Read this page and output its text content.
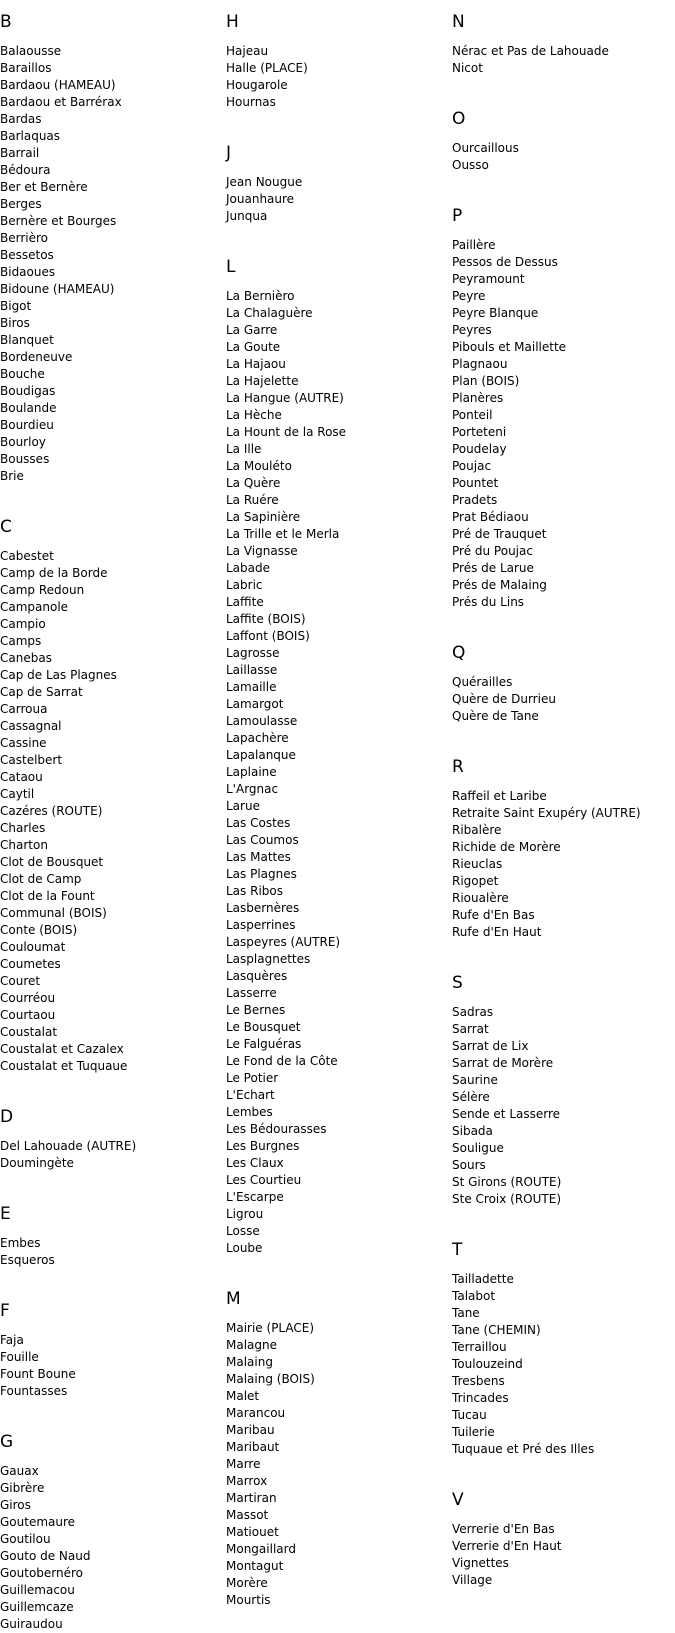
B
Balaousse
Baraillos
Bardaou (HAMEAU)
Bardaou et Barrérax
Bardas
Barlaquas
Barrail
Bédoura
Ber et Bernère
Berges
Bernère et Bourges
Berrièro
Bessetos
Bidaoues
Bidoune (HAMEAU)
Bigot
Biros
Blanquet
Bordeneuve
Bouche
Boudigas
Boulande
Bourdieu
Bourloy
Bousses
Brie
C
Cabestet
Camp de la Borde
Camp Redoun
Campanole
Campio
Camps
Canebas
Cap de Las Plagnes
Cap de Sarrat
Carroua
Cassagnal
Cassine
Castelbert
Cataou
Caytil
Cazéres (ROUTE)
Charles
Charton
Clot de Bousquet
Clot de Camp
Clot de la Fount
Communal (BOIS)
Conte (BOIS)
Couloumat
Coumetes
Couret
Courréou
Courtaou
Coustalat
Coustalat et Cazalex
Coustalat et Tuquaue
D
Del Lahouade (AUTRE)
Doumingète
E
Embes
Esqueros
F
Faja
Fouille
Fount Boune
Fountasses
G
Gauax
Gibrère
Giros
Goutemaure
Goutilou
Gouto de Naud
Goutobernéro
Guillemacou
Guillemcaze
Guiraudou
H
Hajeau
Halle (PLACE)
Hougarole
Hournas
J
Jean Nougue
Jouanhaure
Junqua
L
La Bernièro
La Chalaguère
La Garre
La Goute
La Hajaou
La Hajelette
La Hangue (AUTRE)
La Hèche
La Hount de la Rose
La Ille
La Mouléto
La Quère
La Ruére
La Sapinière
La Trille et le Merla
La Vignasse
Labade
Labric
Laffite
Laffite (BOIS)
Laffont (BOIS)
Lagrosse
Laillasse
Lamaille
Lamargot
Lamoulasse
Lapachère
Lapalanque
Laplaine
L'Argnac
Larue
Las Costes
Las Coumos
Las Mattes
Las Plagnes
Las Ribos
Lasbernères
Lasperrines
Laspeyres (AUTRE)
Lasplagnettes
Lasquères
Lasserre
Le Bernes
Le Bousquet
Le Falguéras
Le Fond de la Côte
Le Potier
L'Echart
Lembes
Les Bédourasses
Les Burgnes
Les Claux
Les Courtieu
L'Escarpe
Ligrou
Losse
Loube
M
Mairie (PLACE)
Malagne
Malaing
Malaing (BOIS)
Malet
Marancou
Maribau
Maribaut
Marre
Marrox
Martiran
Massot
Matiouet
Mongaillard
Montagut
Morère
Mourtis
N
Nérac et Pas de Lahouade
Nicot
O
Ourcaillous
Ousso
P
Paillère
Pessos de Dessus
Peyramount
Peyre
Peyre Blanque
Peyres
Pibouls et Maillette
Plagnaou
Plan (BOIS)
Planères
Ponteil
Porteteni
Poudelay
Poujac
Pountet
Pradets
Prat Bédiaou
Pré de Trauquet
Pré du Poujac
Prés de Larue
Prés de Malaing
Prés du Lins
Q
Quérailles
Quère de Durrieu
Quère de Tane
R
Raffeil et Laribe
Retraite Saint Exupéry (AUTRE)
Ribalère
Richide de Morère
Rieuclas
Rigopet
Rioualère
Rufe d'En Bas
Rufe d'En Haut
S
Sadras
Sarrat
Sarrat de Lix
Sarrat de Morère
Saurine
Sélère
Sende et Lasserre
Sibada
Souligue
Sours
St Girons (ROUTE)
Ste Croix (ROUTE)
T
Tailladette
Talabot
Tane
Tane (CHEMIN)
Terraillou
Toulouzeind
Tresbens
Trincades
Tucau
Tuilerie
Tuquaue et Pré des Illes
V
Verrerie d'En Bas
Verrerie d'En Haut
Vignettes
Village
